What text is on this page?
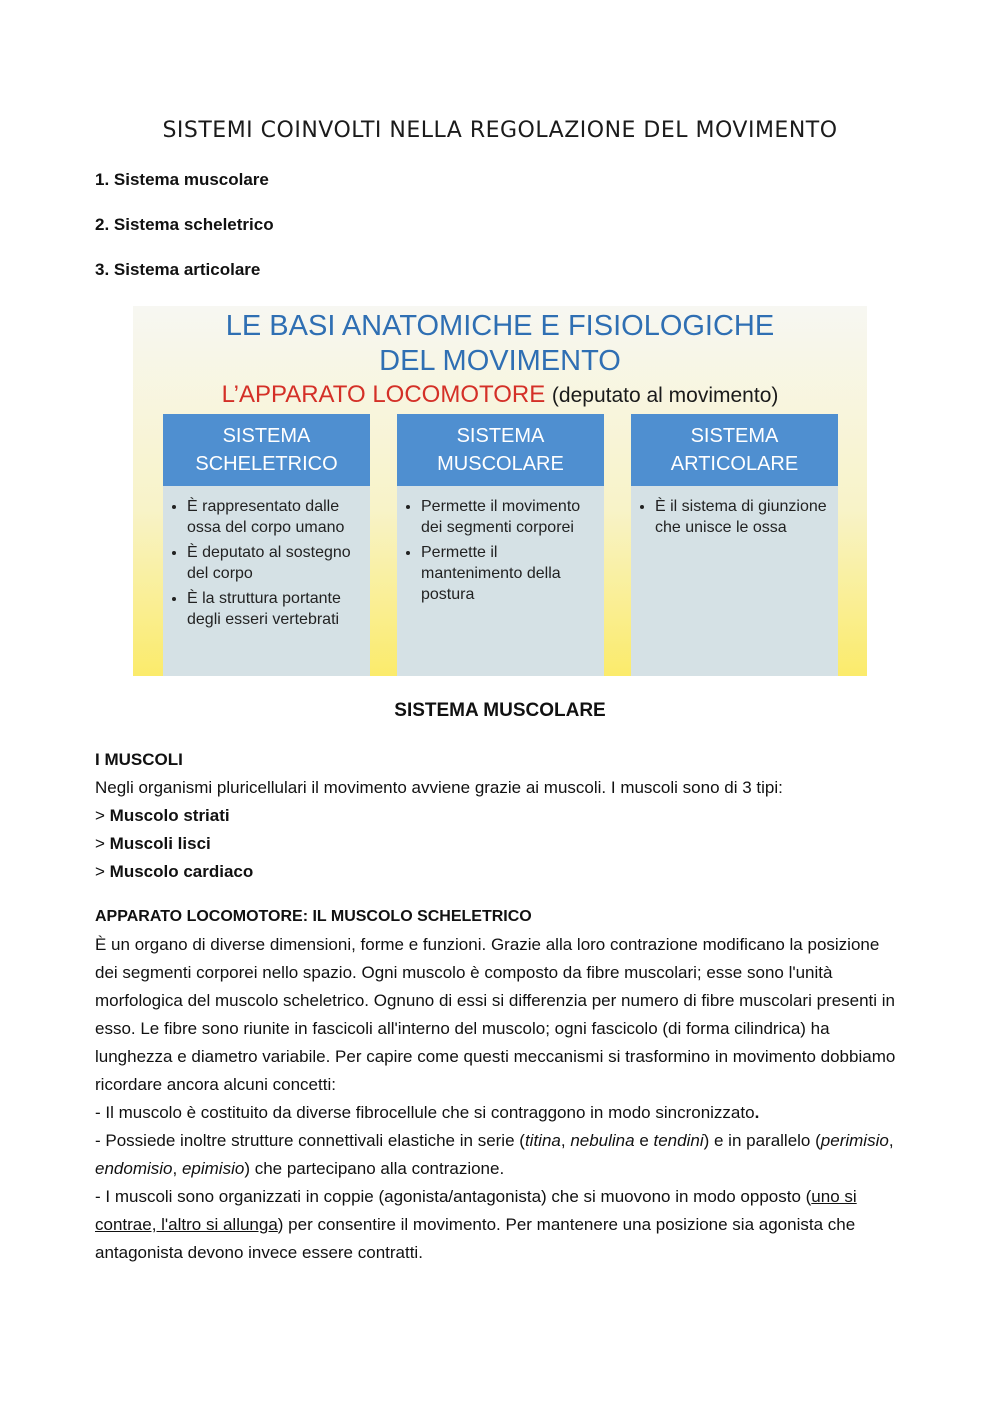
SISTEMI COINVOLTI NELLA REGOLAZIONE DEL MOVIMENTO
1. Sistema muscolare
2. Sistema scheletrico
3. Sistema articolare
LE BASI ANATOMICHE E FISIOLOGICHE
DEL MOVIMENTO
L’APPARATO LOCOMOTORE (deputato al movimento)
SISTEMA
SCHELETRICO
• È rappresentato dalle ossa del corpo umano
• È deputato al sostegno del corpo
• È la struttura portante degli esseri vertebrati
SISTEMA
MUSCOLARE
• Permette il movimento dei segmenti corporei
• Permette il mantenimento della postura
SISTEMA
ARTICOLARE
• È il sistema di giunzione che unisce le ossa
SISTEMA MUSCOLARE

I MUSCOLI

Negli organismi pluricellulari il movimento avviene grazie ai muscoli. I muscoli sono di 3 tipi:

> Muscolo striati

> Muscoli lisci

> Muscolo cardiaco

APPARATO LOCOMOTORE: IL MUSCOLO SCHELETRICO

È un organo di diverse dimensioni, forme e funzioni. Grazie alla loro contrazione modificano la posizione dei segmenti corporei nello spazio. Ogni muscolo è composto da fibre muscolari; esse sono l'unità morfologica del muscolo scheletrico. Ognuno di essi si differenzia per numero di fibre muscolari presenti in esso. Le fibre sono riunite in fascicoli all'interno del muscolo; ogni fascicolo (di forma cilindrica) ha lunghezza e diametro variabile. Per capire come questi meccanismi si trasformino in movimento dobbiamo ricordare ancora alcuni concetti:

- Il muscolo è costituito da diverse fibrocellule che si contraggono in modo sincronizzato.

- Possiede inoltre strutture connettivali elastiche in serie (titina, nebulina e tendini) e in parallelo (perimisio, endomisio, epimisio) che partecipano alla contrazione.

- I muscoli sono organizzati in coppie (agonista/antagonista) che si muovono in modo opposto (uno si contrae, l'altro si allunga) per consentire il movimento. Per mantenere una posizione sia agonista che antagonista devono invece essere contratti.
